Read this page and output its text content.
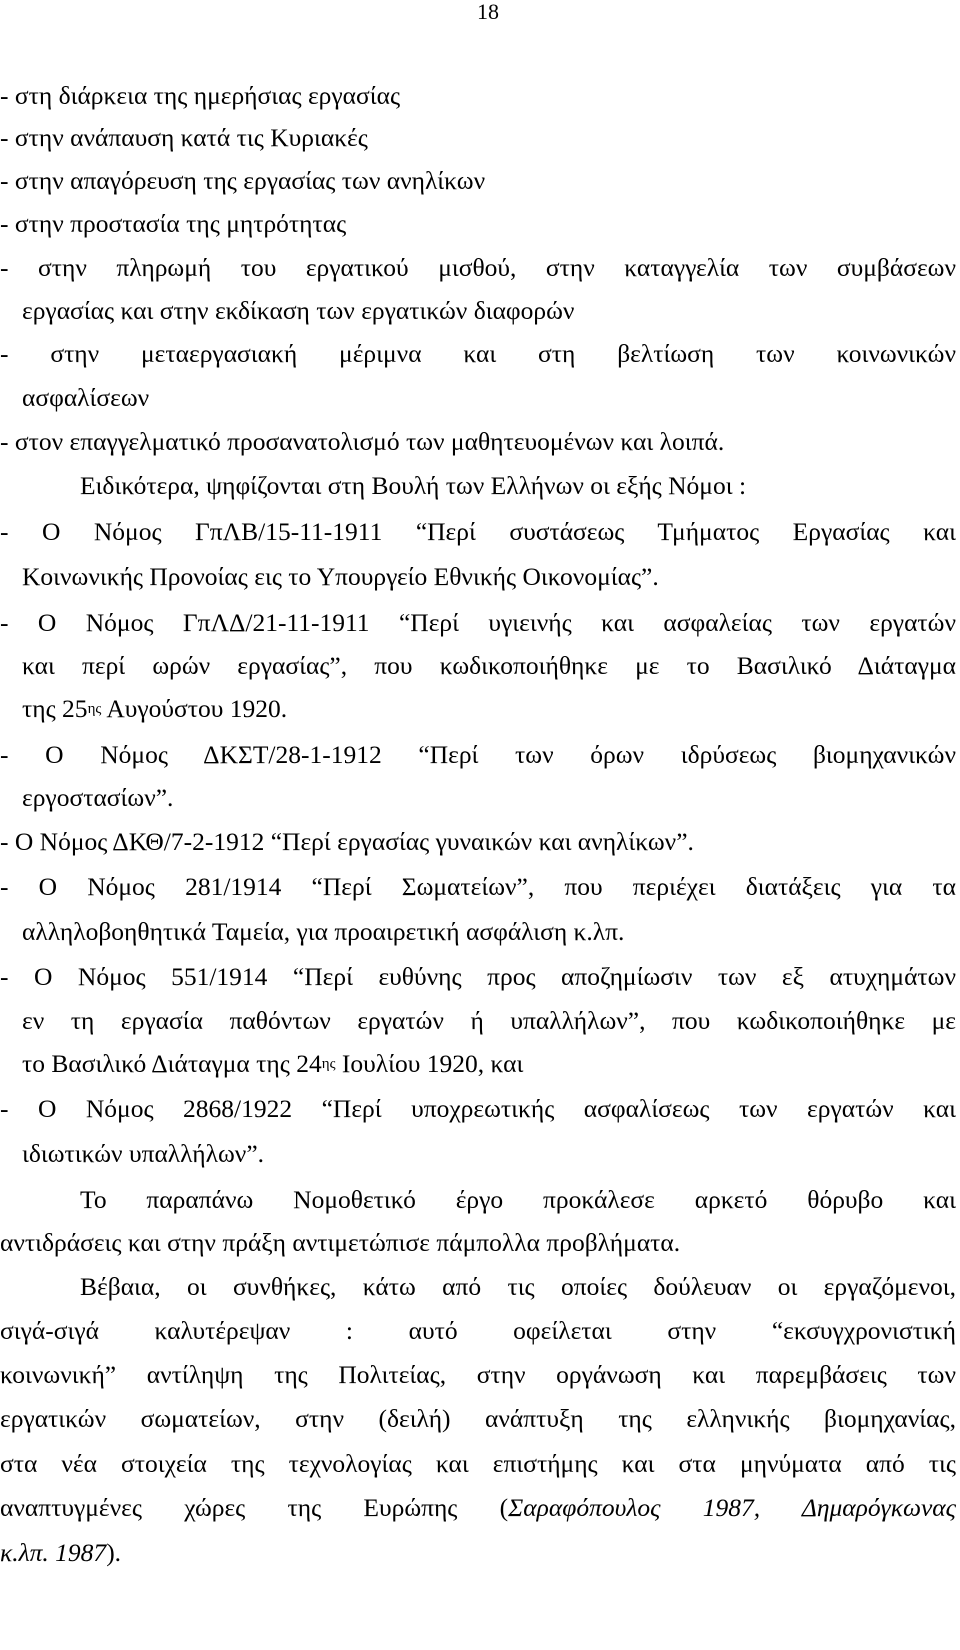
18
- στη διάρκεια της ημερήσιας εργασίας
- στην ανάπαυση κατά τις Κυριακές
- στην απαγόρευση της εργασίας των ανηλίκων
- στην προστασία της μητρότητας
- στην πληρωμή του εργατικού μισθού, στην καταγγελία των συμβάσεων
εργασίας και στην εκδίκαση των εργατικών διαφορών
- στην μεταεργασιακή μέριμνα και στη βελτίωση των κοινωνικών
ασφαλίσεων
- στον επαγγελματικό προσανατολισμό των μαθητευομένων και λοιπά.
Ειδικότερα, ψηφίζονται στη Βουλή των Ελλήνων οι εξής Νόμοι :
- Ο Νόμος ΓπΛΒ/15-11-1911 “Περί συστάσεως Τμήματος Εργασίας και
Κοινωνικής Προνοίας εις το Υπουργείο Εθνικής Οικονομίας”.
- Ο Νόμος ΓπΛΔ/21-11-1911 “Περί υγιεινής και ασφαλείας των εργατών
και περί ωρών εργασίας”, που κωδικοποιήθηκε με το Βασιλικό Διάταγμα
της $25^{\eta\varsigma}$ Αυγούστου 1920.
- Ο Νόμος ΔΚΣΤ/28-1-1912 “Περί των όρων ιδρύσεως βιομηχανικών
εργοστασίων”.
- Ο Νόμος ΔΚΘ/7-2-1912 “Περί εργασίας γυναικών και ανηλίκων”.
- Ο Νόμος 281/1914 “Περί Σωματείων”, που περιέχει διατάξεις για τα
αλληλοβοηθητικά Ταμεία, για προαιρετική ασφάλιση κ.λπ.
- Ο Νόμος 551/1914 “Περί ευθύνης προς αποζημίωσιν των εξ ατυχημάτων
εν τη εργασία παθόντων εργατών ή υπαλλήλων”, που κωδικοποιήθηκε με
το Βασιλικό Διάταγμα της $24^{\eta\varsigma}$ Ιουλίου 1920, και
- Ο Νόμος 2868/1922 “Περί υποχρεωτικής ασφαλίσεως των εργατών και
ιδιωτικών υπαλλήλων”.
Το παραπάνω Νομοθετικό έργο προκάλεσε αρκετό θόρυβο και
αντιδράσεις και στην πράξη αντιμετώπισε πάμπολλα προβλήματα.
Βέβαια, οι συνθήκες, κάτω από τις οποίες δούλευαν οι εργαζόμενοι,
σιγά-σιγά καλυτέρεψαν : αυτό οφείλεται στην “εκσυγχρονιστική
κοινωνική” αντίληψη της Πολιτείας, στην οργάνωση και παρεμβάσεις των
εργατικών σωματείων, στην (δειλή) ανάπτυξη της ελληνικής βιομηχανίας,
στα νέα στοιχεία της τεχνολογίας και επιστήμης και στα μηνύματα από τις
αναπτυγμένες χώρες της Ευρώπης (Σαραφόπουλος 1987, Δημαρόγκωνας
κ.λπ. 1987).
